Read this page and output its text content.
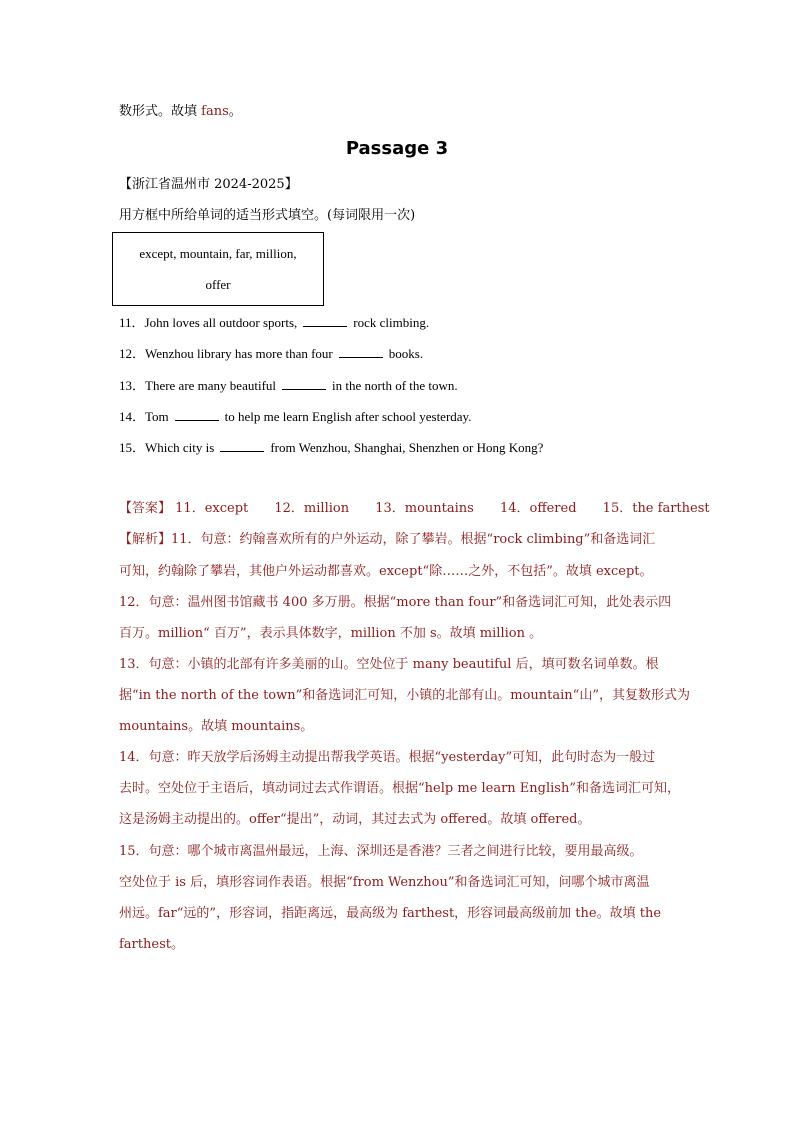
数形式。故填 fans。
Passage 3
【浙江省温州市 2024-2025】
用方框中所给单词的适当形式填空。(每词限用一次)
except, mountain, far, million,
offer
11．John loves all outdoor sports,	rock climbing.
12．Wenzhou library has more than four	books.
13．There are many beautiful	in the north of the town.
14．Tom	to help me learn English after school yesterday.
15．Which city is	from Wenzhou, Shanghai, Shenzhen or Hong Kong?
【答案】 11．except 12．million 13．mountains 14．offered 15．the farthest
【解析】11．句意：约翰喜欢所有的户外运动，除了攀岩。根据“rock climbing”和备选词汇
可知，约翰除了攀岩，其他户外运动都喜欢。except“除……之外，不包括”。故填 except。
12．句意：温州图书馆藏书 400 多万册。根据“more than four”和备选词汇可知，此处表示四
百万。million“ 百万”，表示具体数字，million 不加 s。故填 million 。
13．句意：小镇的北部有许多美丽的山。空处位于 many beautiful 后，填可数名词单数。根
据“in the north of the town”和备选词汇可知，小镇的北部有山。mountain“山”，其复数形式为
mountains。故填 mountains。
14．句意：昨天放学后汤姆主动提出帮我学英语。根据“yesterday”可知，此句时态为一般过
去时。空处位于主语后，填动词过去式作谓语。根据“help me learn English”和备选词汇可知，
这是汤姆主动提出的。offer“提出”，动词，其过去式为 offered。故填 offered。
15．句意：哪个城市离温州最远，上海、深圳还是香港？三者之间进行比较，要用最高级。
空处位于 is 后，填形容词作表语。根据“from Wenzhou”和备选词汇可知，问哪个城市离温
州远。far“远的”，形容词，指距离远，最高级为 farthest，形容词最高级前加 the。故填 the
farthest。
